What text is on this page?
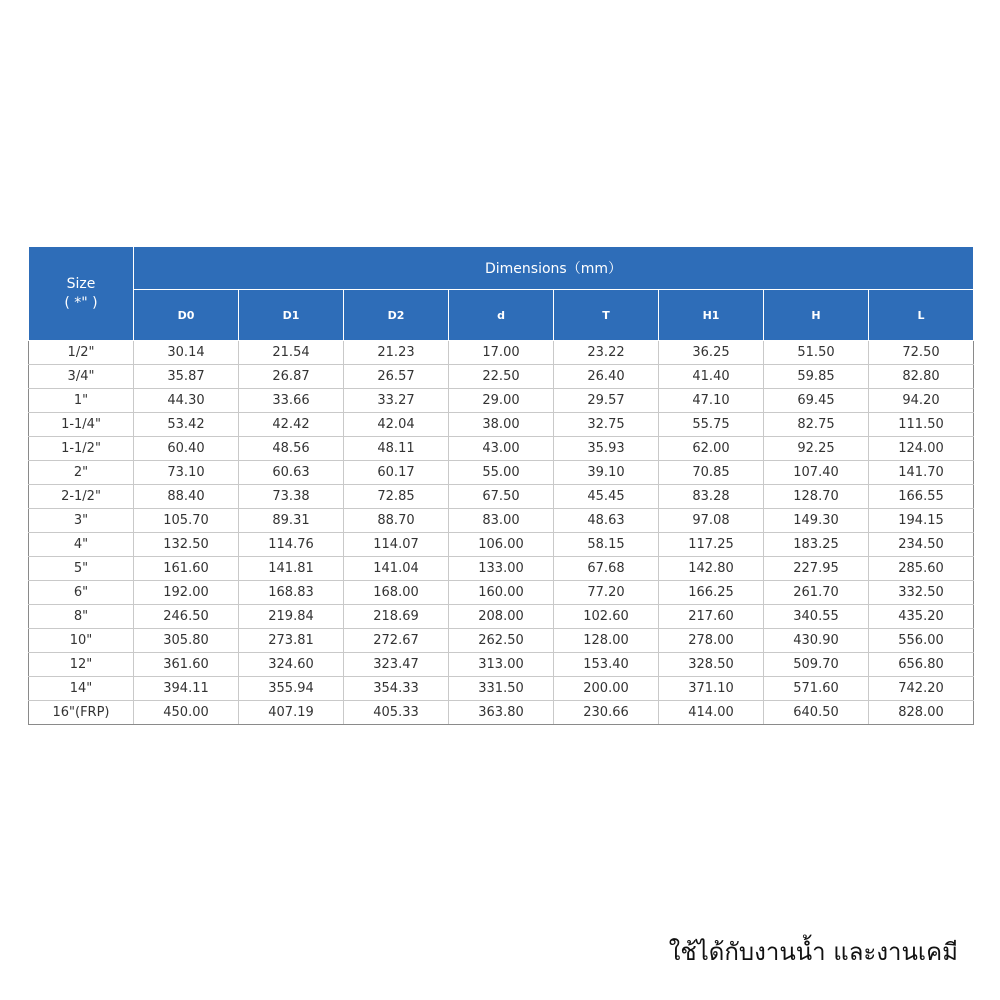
Size
( *" )	Dimensions（mm）							
	D0	D1	D2	d	T	H1	H	L
1/2"	30.14	21.54	21.23	17.00	23.22	36.25	51.50	72.50
3/4"	35.87	26.87	26.57	22.50	26.40	41.40	59.85	82.80
1"	44.30	33.66	33.27	29.00	29.57	47.10	69.45	94.20
1-1/4"	53.42	42.42	42.04	38.00	32.75	55.75	82.75	111.50
1-1/2"	60.40	48.56	48.11	43.00	35.93	62.00	92.25	124.00
2"	73.10	60.63	60.17	55.00	39.10	70.85	107.40	141.70
2-1/2"	88.40	73.38	72.85	67.50	45.45	83.28	128.70	166.55
3"	105.70	89.31	88.70	83.00	48.63	97.08	149.30	194.15
4"	132.50	114.76	114.07	106.00	58.15	117.25	183.25	234.50
5"	161.60	141.81	141.04	133.00	67.68	142.80	227.95	285.60
6"	192.00	168.83	168.00	160.00	77.20	166.25	261.70	332.50
8"	246.50	219.84	218.69	208.00	102.60	217.60	340.55	435.20
10"	305.80	273.81	272.67	262.50	128.00	278.00	430.90	556.00
12"	361.60	324.60	323.47	313.00	153.40	328.50	509.70	656.80
14"	394.11	355.94	354.33	331.50	200.00	371.10	571.60	742.20
16"(FRP)	450.00	407.19	405.33	363.80	230.66	414.00	640.50	828.00
ใช้ได้กับงานน้ำ และงานเคมี
